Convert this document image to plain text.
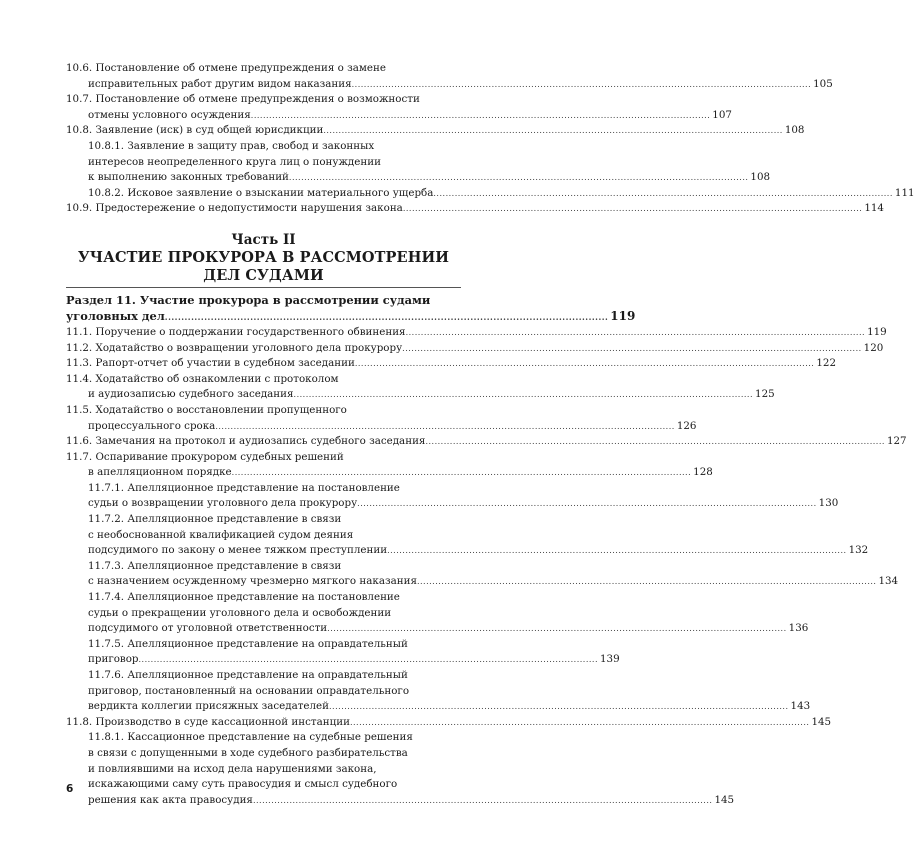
10.6. Постановление об отмене предупреждения о замене
исправительных работ другим видом наказания ....................................................................................................................................................... 105
10.7. Постановление об отмене предупреждения о возможности
отмены условного осуждения ....................................................................................................................................................... 107
10.8.
Заявление (иск) в суд общей юрисдикции ....................................................................................................................................................... 108
10.8.1. Заявление в защиту прав, свобод и законных
интересов неопределенного круга лиц о понуждении
к выполнению законных требований ....................................................................................................................................................... 108
10.8.2.
Исковое заявление о взыскании материального ущерба ....................................................................................................................................................... 111
10.9.
Предостережение о недопустимости нарушения закона ....................................................................................................................................................... 114
Часть II
УЧАСТИЕ ПРОКУРОРА В РАССМОТРЕНИИ ДЕЛ СУДАМИ
Раздел 11. Участие прокурора в рассмотрении судами
уголовных дел ....................................................................................................................................... 119
11.1.
Поручение о поддержании государственного обвинения ....................................................................................................................................................... 119
11.2.
Ходатайство о возвращении уголовного дела прокурору ....................................................................................................................................................... 120
11.3.
Рапорт-отчет об участии в судебном заседании ....................................................................................................................................................... 122
11.4. Ходатайство об ознакомлении с протоколом
и аудиозаписью судебного заседания ....................................................................................................................................................... 125
11.5. Ходатайство о восстановлении пропущенного
процессуального срока ....................................................................................................................................................... 126
11.6.
Замечания на протокол и аудиозапись судебного заседания ....................................................................................................................................................... 127
11.7. Оспаривание прокурором судебных решений
в апелляционном порядке ....................................................................................................................................................... 128
11.7.1. Апелляционное представление на постановление
судьи о возвращении уголовного дела прокурору ....................................................................................................................................................... 130
11.7.2. Апелляционное представление в связи
с необоснованной квалификацией судом деяния
подсудимого по закону о менее тяжком преступлении ....................................................................................................................................................... 132
11.7.3. Апелляционное представление в связи
с назначением осужденному чрезмерно мягкого наказания ....................................................................................................................................................... 134
11.7.4. Апелляционное представление на постановление
судьи о прекращении уголовного дела и освобождении
подсудимого от уголовной ответственности ....................................................................................................................................................... 136
11.7.5. Апелляционное представление на оправдательный
приговор ....................................................................................................................................................... 139
11.7.6. Апелляционное представление на оправдательный
приговор, постановленный на основании оправдательного
вердикта коллегии присяжных заседателей ....................................................................................................................................................... 143
11.8.
Производство в суде кассационной инстанции ....................................................................................................................................................... 145
11.8.1. Кассационное представление на судебные решения
в связи с допущенными в ходе судебного разбирательства
и повлиявшими на исход дела нарушениями закона,
искажающими саму суть правосудия и смысл судебного
решения как акта правосудия ....................................................................................................................................................... 145
6
